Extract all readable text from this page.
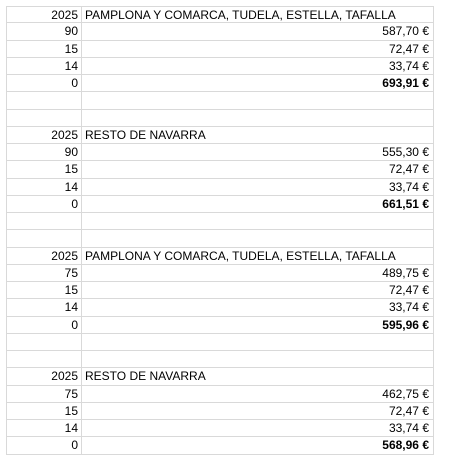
2025 PAMPLONA Y COMARCA, TUDELA, ESTELLA, TAFALLA
90	587,70 €
15	72,47 €
14	33,74 €
0	693,91 €
2025 RESTO DE NAVARRA
90	555,30 €
15	72,47 €
14	33,74 €
0	661,51 €
2025 PAMPLONA Y COMARCA, TUDELA, ESTELLA, TAFALLA
75	489,75 €
15	72,47 €
14	33,74 €
0	595,96 €
2025 RESTO DE NAVARRA
75	462,75 €
15	72,47 €
14	33,74 €
0	568,96 €
